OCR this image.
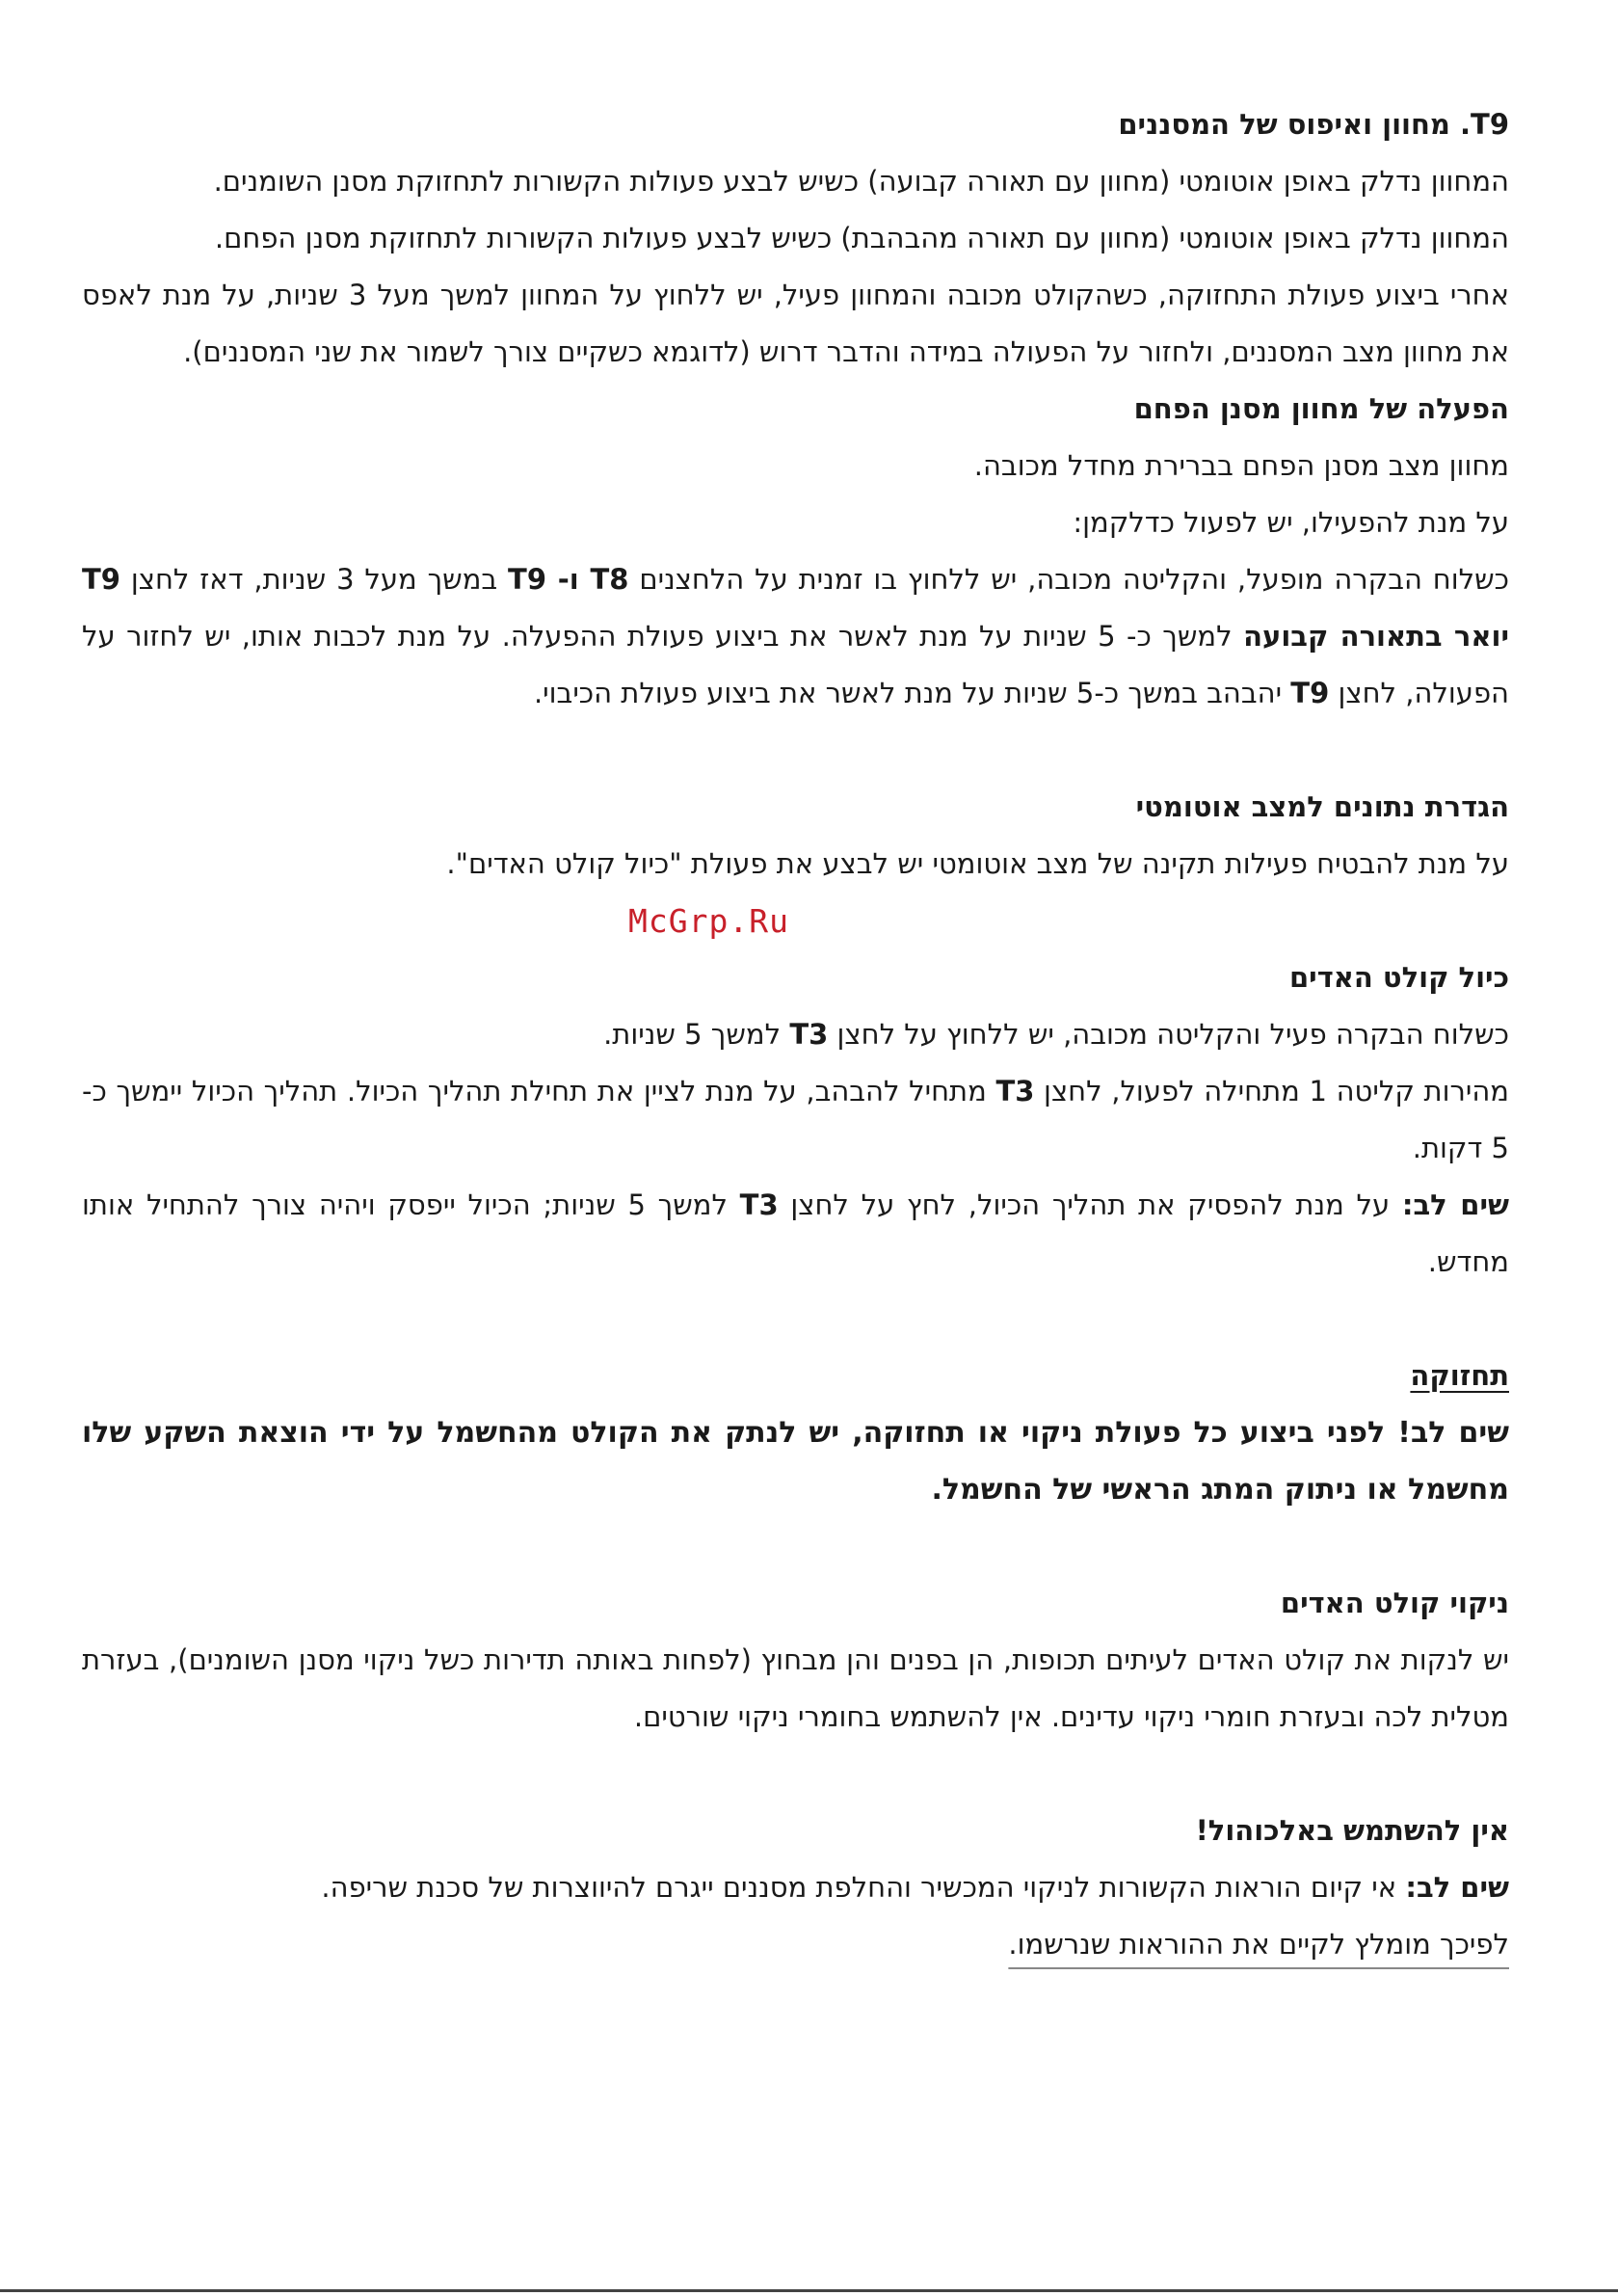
T9. מחוון ואיפוס של המסננים

המחוון נדלק באופן אוטומטי (מחוון עם תאורה קבועה) כשיש לבצע פעולות הקשורות לתחזוקת מסנן השומנים.

המחוון נדלק באופן אוטומטי (מחוון עם תאורה מהבהבת) כשיש לבצע פעולות הקשורות לתחזוקת מסנן הפחם.

אחרי ביצוע פעולת התחזוקה, כשהקולט מכובה והמחוון פעיל, יש ללחוץ על המחוון למשך מעל 3 שניות, על מנת לאפס את מחוון מצב המסננים, ולחזור על הפעולה במידה והדבר דרוש (לדוגמא כשקיים צורך לשמור את שני המסננים).

הפעלה של מחוון מסנן הפחם

מחוון מצב מסנן הפחם בברירת מחדל מכובה.

על מנת להפעילו, יש לפעול כדלקמן:

כשלוח הבקרה מופעל, והקליטה מכובה, יש ללחוץ בו זמנית על הלחצנים T8 ו- T9 במשך מעל 3 שניות, דאז לחצן T9 יואר בתאורה קבועה למשך כ- 5 שניות על מנת לאשר את ביצוע פעולת ההפעלה. על מנת לכבות אותו, יש לחזור על הפעולה, לחצן T9 יהבהב במשך כ-5 שניות על מנת לאשר את ביצוע פעולת הכיבוי.

הגדרת נתונים למצב אוטומטי

על מנת להבטיח פעילות תקינה של מצב אוטומטי יש לבצע את פעולת "כיול קולט האדים".

McGrp.Ru

כיול קולט האדים

כשלוח הבקרה פעיל והקליטה מכובה, יש ללחוץ על לחצן T3 למשך 5 שניות.

מהירות קליטה 1 מתחילה לפעול, לחצן T3 מתחיל להבהב, על מנת לציין את תחילת תהליך הכיול. תהליך הכיול יימשך כ- 5 דקות.

שים לב: על מנת להפסיק את תהליך הכיול, לחץ על לחצן T3 למשך 5 שניות; הכיול ייפסק ויהיה צורך להתחיל אותו מחדש.

תחזוקה

שים לב! לפני ביצוע כל פעולת ניקוי או תחזוקה, יש לנתק את הקולט מהחשמל על ידי הוצאת השקע שלו מחשמל או ניתוק המתג הראשי של החשמל.

ניקוי קולט האדים

יש לנקות את קולט האדים לעיתים תכופות, הן בפנים והן מבחוץ (לפחות באותה תדירות כשל ניקוי מסנן השומנים), בעזרת מטלית לכה ובעזרת חומרי ניקוי עדינים. אין להשתמש בחומרי ניקוי שורטים.

אין להשתמש באלכוהול!

שים לב: אי קיום הוראות הקשורות לניקוי המכשיר והחלפת מסננים ייגרם להיווצרות של סכנת שריפה.

לפיכך מומלץ לקיים את ההוראות שנרשמו.
